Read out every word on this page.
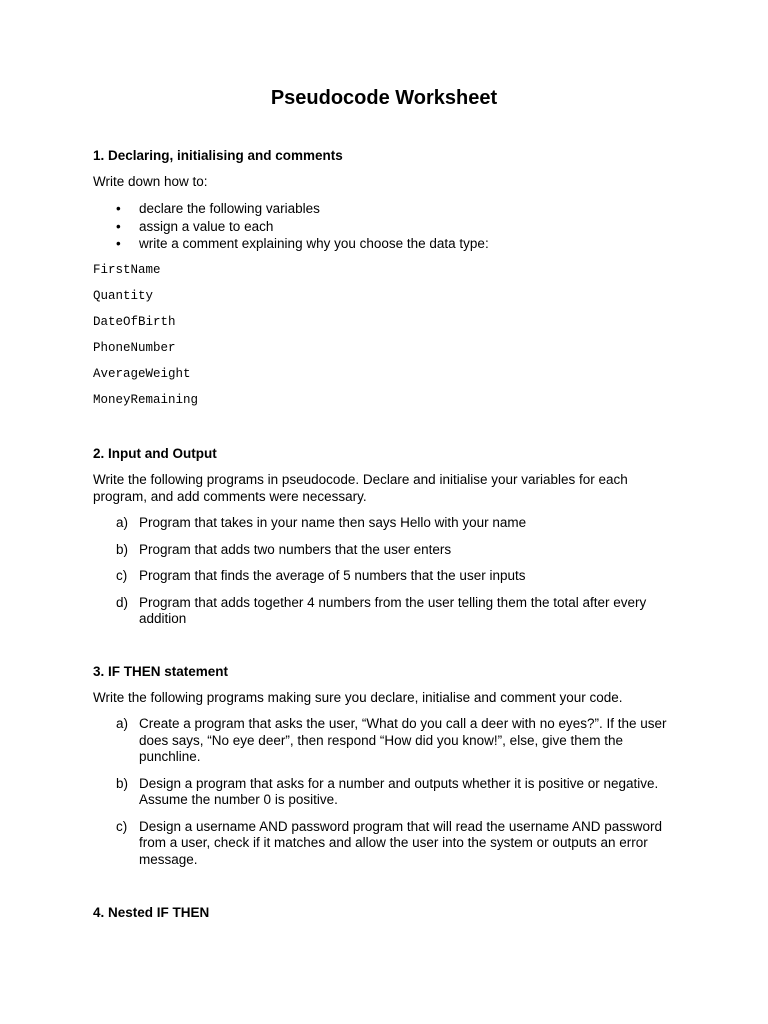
Pseudocode Worksheet
1. Declaring, initialising and comments
Write down how to:
• declare the following variables
• assign a value to each
• write a comment explaining why you choose the data type:
FirstName
Quantity
DateOfBirth
PhoneNumber
AverageWeight
MoneyRemaining
2. Input and Output
Write the following programs in pseudocode. Declare and initialise your variables for each program, and add comments were necessary.
a) Program that takes in your name then says Hello with your name
b) Program that adds two numbers that the user enters
c) Program that finds the average of 5 numbers that the user inputs
d) Program that adds together 4 numbers from the user telling them the total after every addition
3. IF THEN statement
Write the following programs making sure you declare, initialise and comment your code.
a) Create a program that asks the user, “What do you call a deer with no eyes?”. If the user does says, “No eye deer”, then respond “How did you know!”, else, give them the punchline.
b) Design a program that asks for a number and outputs whether it is positive or negative. Assume the number 0 is positive.
c) Design a username AND password program that will read the username AND password from a user, check if it matches and allow the user into the system or outputs an error message.
4. Nested IF THEN
